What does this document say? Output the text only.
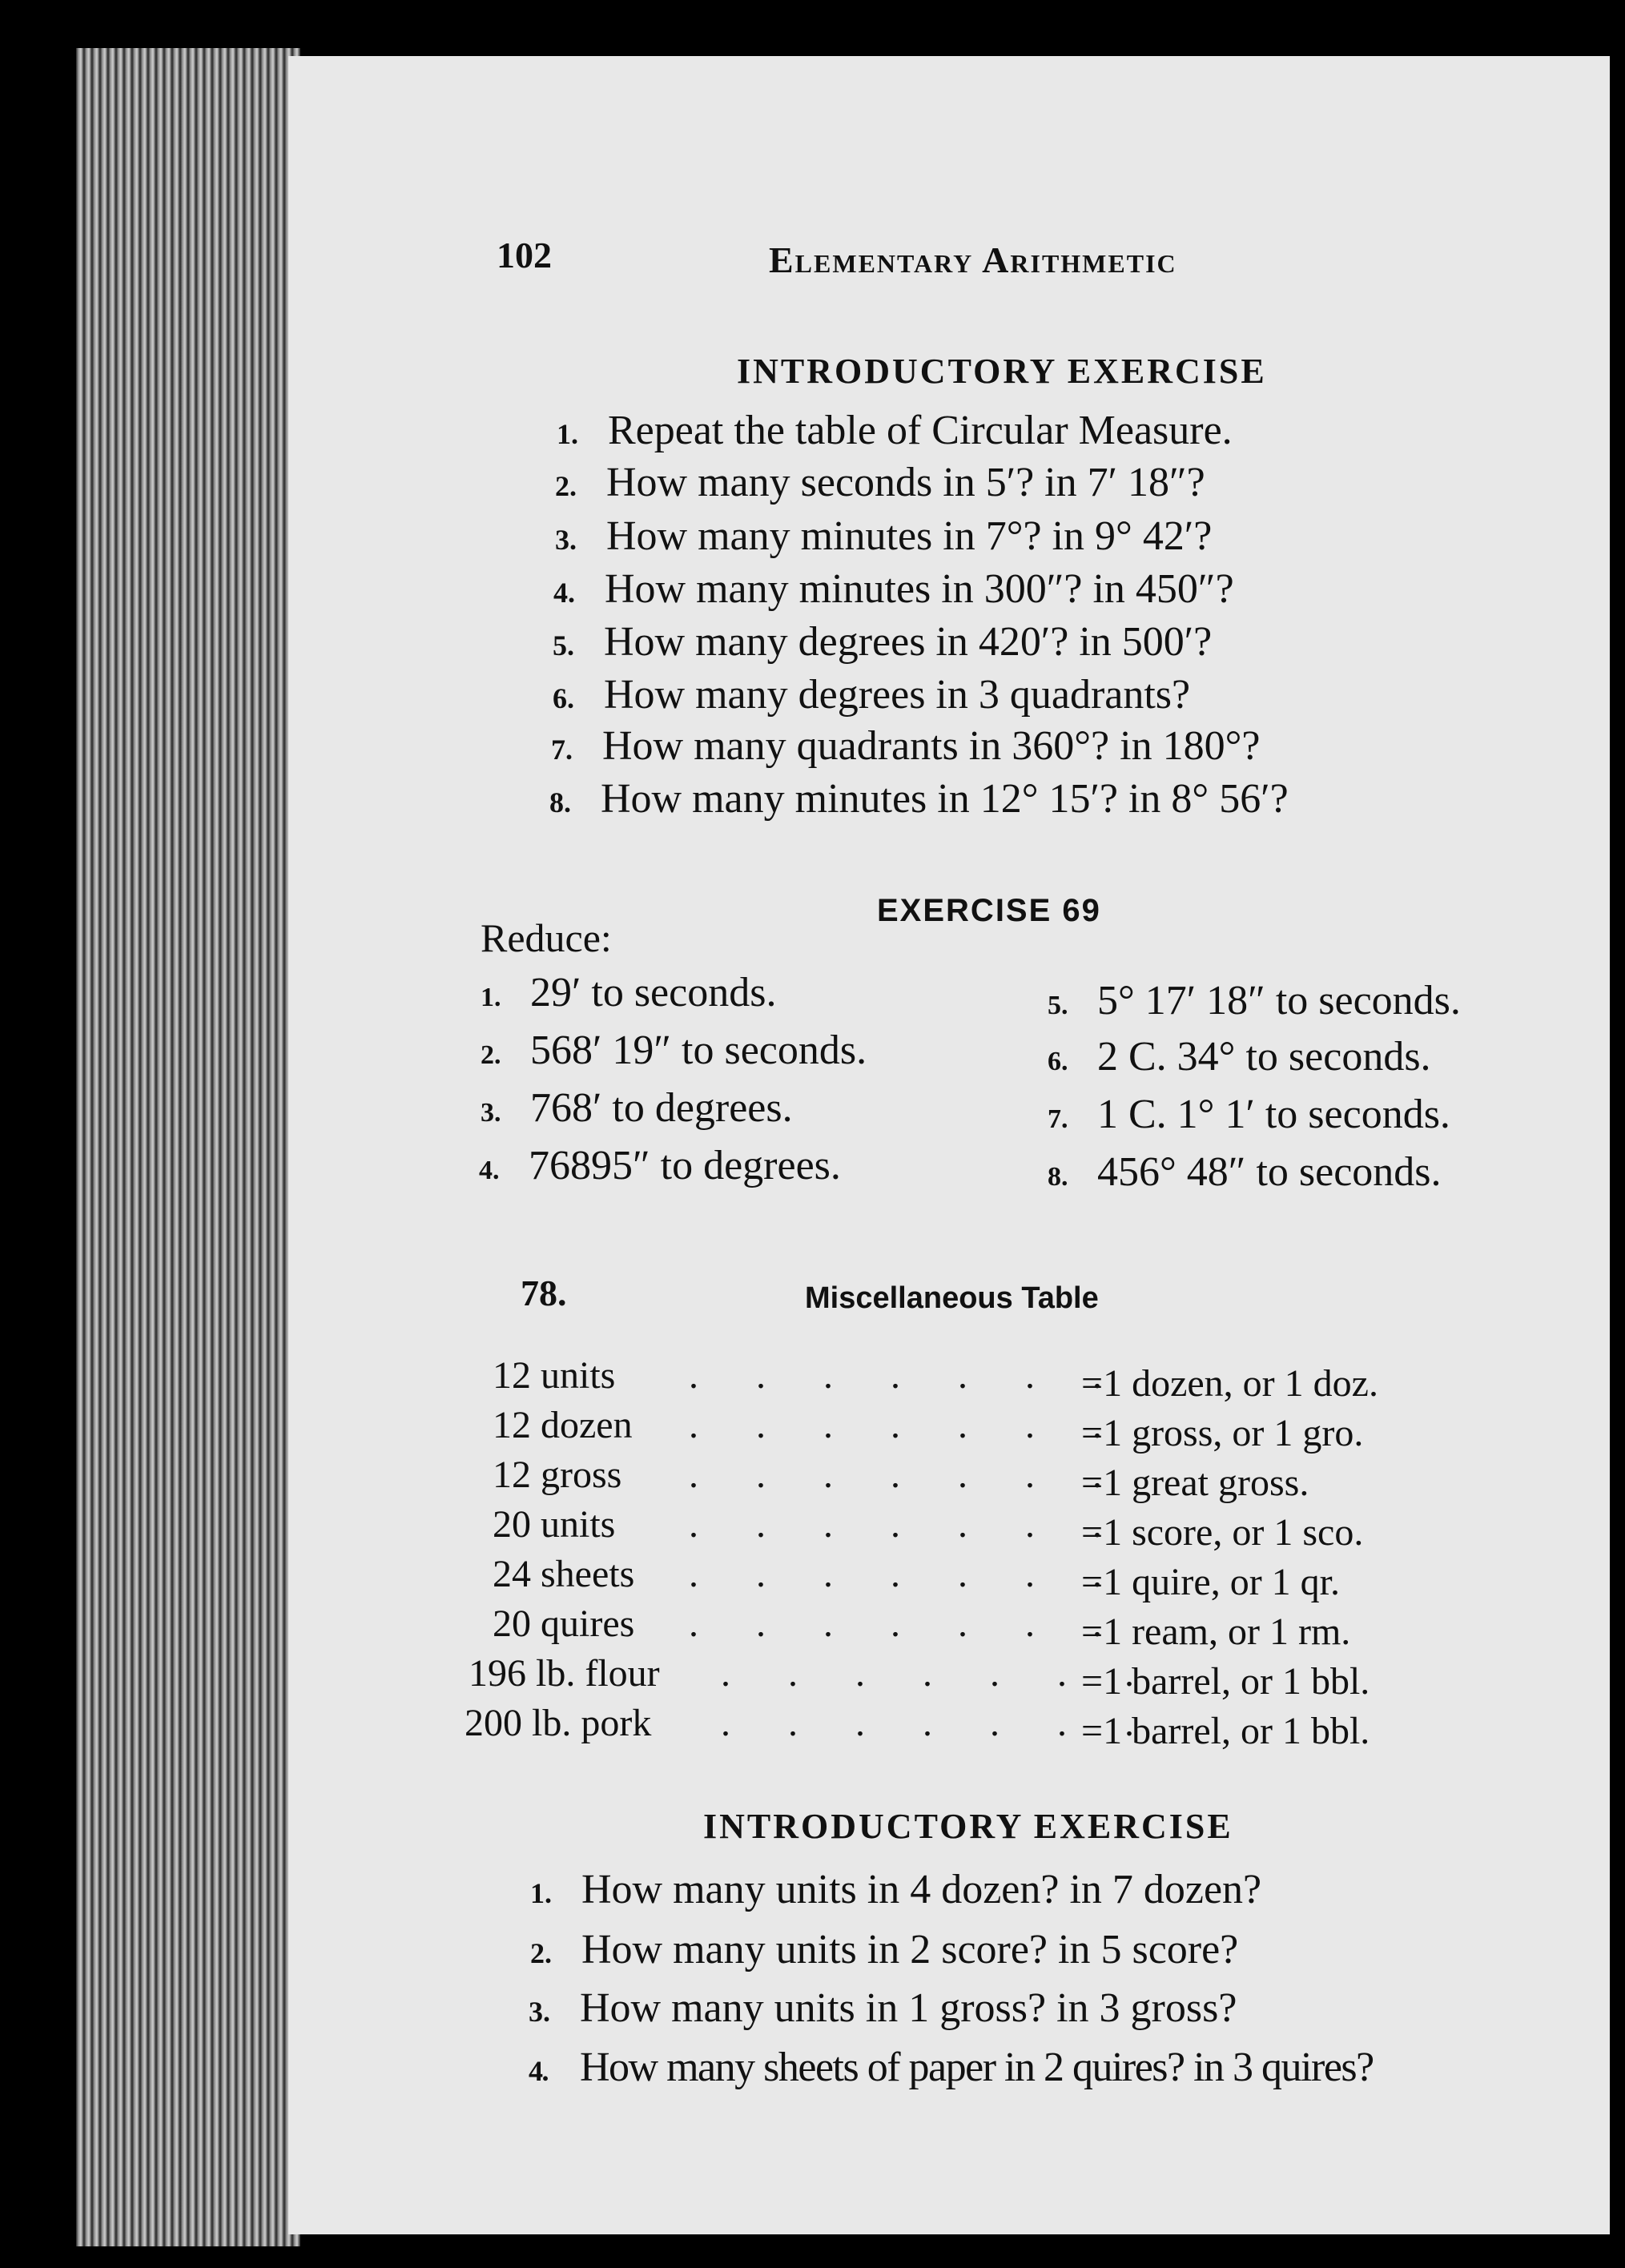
102	Elementary Arithmetic
INTRODUCTORY EXERCISE
1. Repeat the table of Circular Measure.
2. How many seconds in 5′? in 7′ 18″?
3. How many minutes in 7°? in 9° 42′?
4. How many minutes in 300″? in 450″?
5. How many degrees in 420′? in 500′?
6. How many degrees in 3 quadrants?
7. How many quadrants in 360°? in 180°?
8. How many minutes in 12° 15′? in 8° 56′?
EXERCISE 69
Reduce:
1. 29′ to seconds.
2. 568′ 19″ to seconds.
3. 768′ to degrees.
4. 76895″ to degrees.
5. 5° 17′ 18″ to seconds.
6. 2 C. 34° to seconds.
7. 1 C. 1° 1′ to seconds.
8. 456° 48″ to seconds.
78.	Miscellaneous Table
12 units . . . . . . .
=1 dozen, or 1 doz.
12 dozen . . . . . . .
=1 gross, or 1 gro.
12 gross . . . . . . .
=1 great gross.
20 units . . . . . . .
=1 score, or 1 sco.
24 sheets . . . . . . .
=1 quire, or 1 qr.
20 quires . . . . . . .
=1 ream, or 1 rm.
196 lb. flour . . . . . . .
=1 barrel, or 1 bbl.
200 lb. pork . . . . . . .
=1 barrel, or 1 bbl.
INTRODUCTORY EXERCISE
1. How many units in 4 dozen? in 7 dozen?
2. How many units in 2 score? in 5 score?
3. How many units in 1 gross? in 3 gross?
4. How many sheets of paper in 2 quires? in 3 quires?
